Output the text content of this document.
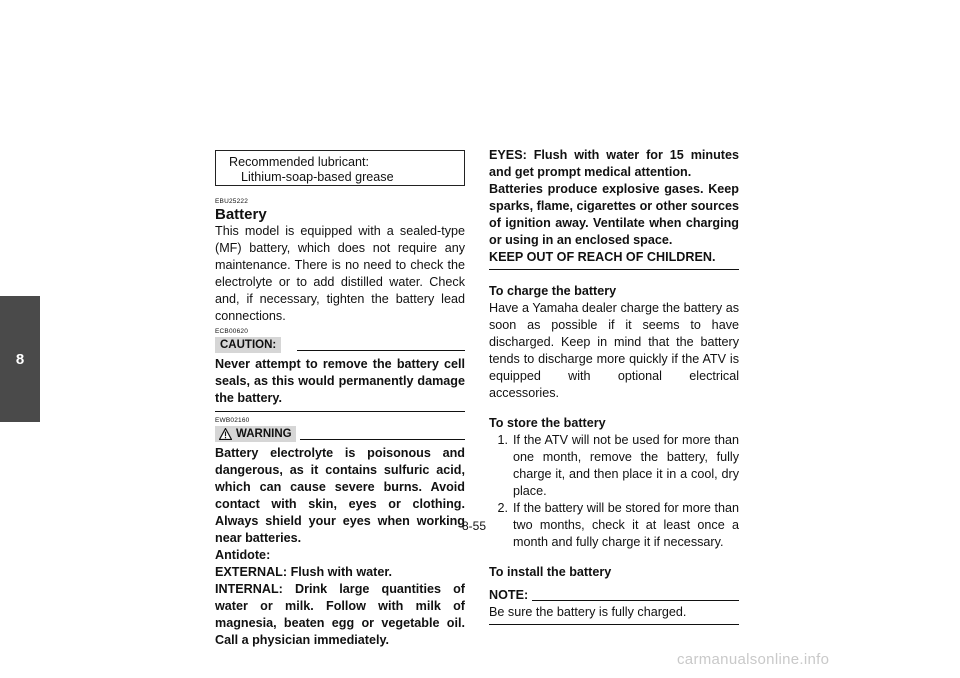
8
Recommended lubricant:
Lithium-soap-based grease
EBU25222
Battery
This model is equipped with a sealed-type (MF) battery, which does not require any maintenance. There is no need to check the electrolyte or to add distilled water. Check and, if necessary, tighten the battery lead connections.
ECB00620
CAUTION:
Never attempt to remove the battery cell seals, as this would permanently damage the battery.
EWB02160
WARNING
Battery electrolyte is poisonous and dangerous, as it contains sulfuric acid, which can cause severe burns. Avoid contact with skin, eyes or clothing. Always shield your eyes when working near batteries.
Antidote:
EXTERNAL: Flush with water.
INTERNAL: Drink large quantities of water or milk. Follow with milk of magnesia, beaten egg or vegetable oil. Call a physician immediately.
EYES: Flush with water for 15 minutes and get prompt medical attention.
Batteries produce explosive gases. Keep sparks, flame, cigarettes or other sources of ignition away. Ventilate when charging or using in an enclosed space.
KEEP OUT OF REACH OF CHILDREN.
To charge the battery
Have a Yamaha dealer charge the battery as soon as possible if it seems to have discharged. Keep in mind that the battery tends to discharge more quickly if the ATV is equipped with optional electrical accessories.
To store the battery
1. If the ATV will not be used for more than one month, remove the battery, fully charge it, and then place it in a cool, dry place.
2. If the battery will be stored for more than two months, check it at least once a month and fully charge it if necessary.
To install the battery
NOTE:
Be sure the battery is fully charged.
8-55
carmanualsonline.info
